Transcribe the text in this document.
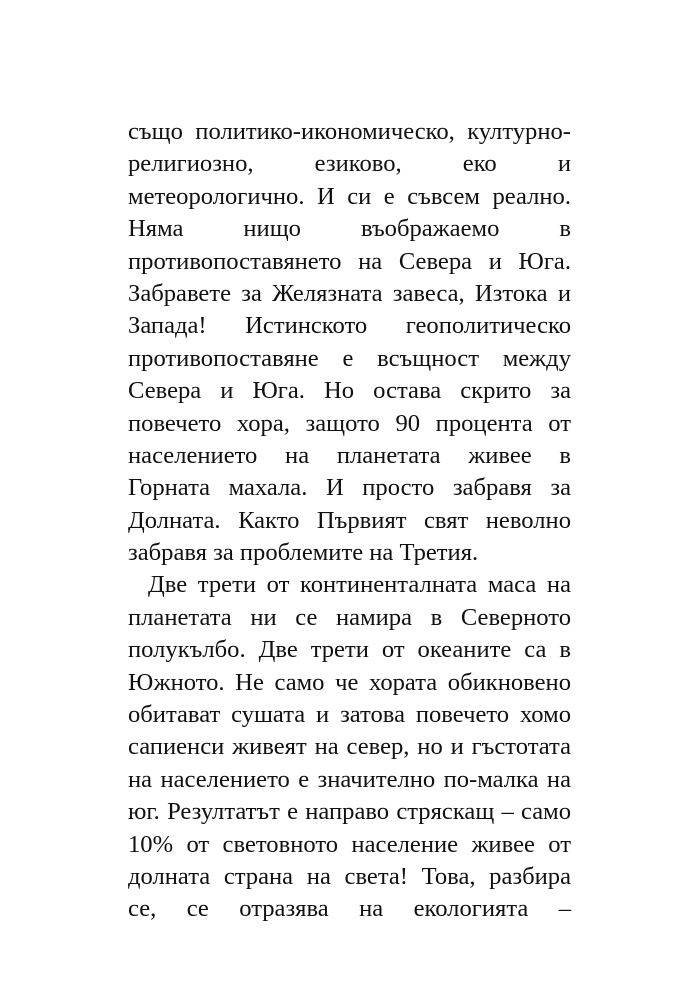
също политико-икономическо, културно-
религиозно, езиково, еко и
метеорологично. И си е съвсем реално.
Няма нищо въображаемо в
противопоставянето на Севера и Юга.
Забравете за Желязната завеса, Изтока и
Запада! Истинското геополитическо
противопоставяне е всъщност между
Севера и Юга. Но остава скрито за
повечето хора, защото 90 процента от
населението на планетата живее в
Горната махала. И просто забравя за
Долната. Както Първият свят неволно
забравя за проблемите на Третия.
Две трети от континенталната маса на
планетата ни се намира в Северното
полукълбо. Две трети от океаните са в
Южното. Не само че хората обикновено
обитават сушата и затова повечето хомо
сапиенси живеят на север, но и гъстотата
на населението е значително по-малка на
юг. Резултатът е направо стряскащ – само
10% от световното население живее от
долната страна на света! Това, разбира
се, се отразява на екологията –
